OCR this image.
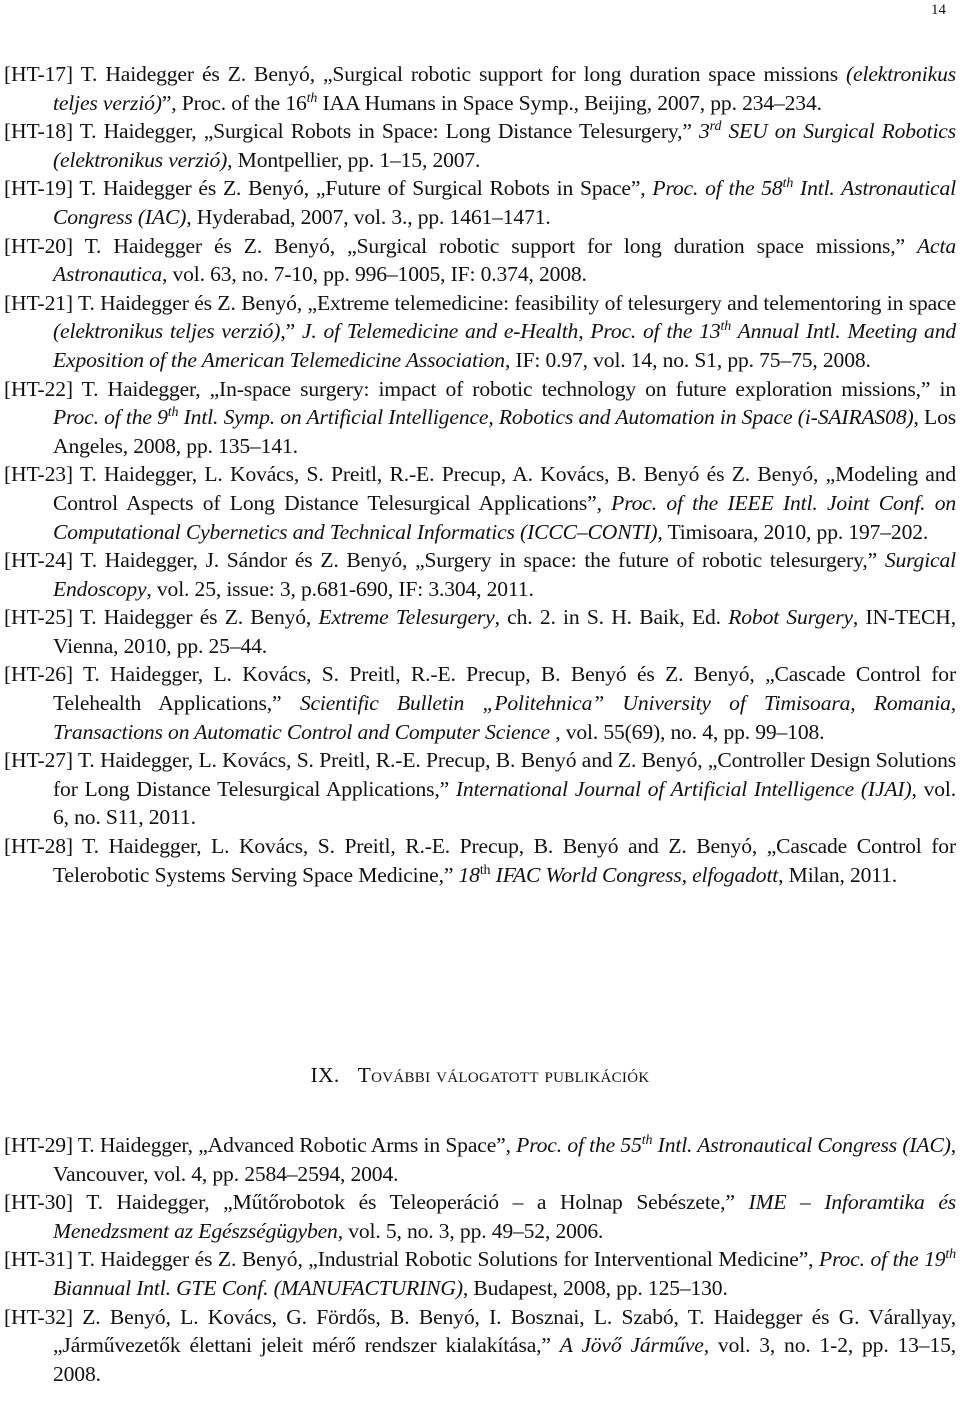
14
[HT-17] T. Haidegger és Z. Benyó, „Surgical robotic support for long duration space missions (elektronikus teljes verzió)”, Proc. of the 16th IAA Humans in Space Symp., Beijing, 2007, pp. 234–234.
[HT-18] T. Haidegger, „Surgical Robots in Space: Long Distance Telesurgery,” 3rd SEU on Surgical Robotics (elektronikus verzió), Montpellier, pp. 1–15, 2007.
[HT-19] T. Haidegger és Z. Benyó, „Future of Surgical Robots in Space”, Proc. of the 58th Intl. Astronautical Congress (IAC), Hyderabad, 2007, vol. 3., pp. 1461–1471.
[HT-20] T. Haidegger és Z. Benyó, „Surgical robotic support for long duration space missions,” Acta Astronautica, vol. 63, no. 7-10, pp. 996–1005, IF: 0.374, 2008.
[HT-21] T. Haidegger és Z. Benyó, „Extreme telemedicine: feasibility of telesurgery and telementoring in space (elektronikus teljes verzió),” J. of Telemedicine and e-Health, Proc. of the 13th Annual Intl. Meeting and Exposition of the American Telemedicine Association, IF: 0.97, vol. 14, no. S1, pp. 75–75, 2008.
[HT-22] T. Haidegger, „In-space surgery: impact of robotic technology on future exploration missions,” in Proc. of the 9th Intl. Symp. on Artificial Intelligence, Robotics and Automation in Space (i-SAIRAS08), Los Angeles, 2008, pp. 135–141.
[HT-23] T. Haidegger, L. Kovács, S. Preitl, R.-E. Precup, A. Kovács, B. Benyó és Z. Benyó, „Modeling and Control Aspects of Long Distance Telesurgical Applications”, Proc. of the IEEE Intl. Joint Conf. on Computational Cybernetics and Technical Informatics (ICCC–CONTI), Timisoara, 2010, pp. 197–202.
[HT-24] T. Haidegger, J. Sándor és Z. Benyó, „Surgery in space: the future of robotic telesurgery,” Surgical Endoscopy, vol. 25, issue: 3, p.681-690, IF: 3.304, 2011.
[HT-25] T. Haidegger és Z. Benyó, Extreme Telesurgery, ch. 2. in S. H. Baik, Ed. Robot Surgery, IN-TECH, Vienna, 2010, pp. 25–44.
[HT-26] T. Haidegger, L. Kovács, S. Preitl, R.-E. Precup, B. Benyó és Z. Benyó, „Cascade Control for Telehealth Applications,” Scientific Bulletin „Politehnica” University of Timisoara, Romania, Transactions on Automatic Control and Computer Science , vol. 55(69), no. 4, pp. 99–108.
[HT-27] T. Haidegger, L. Kovács, S. Preitl, R.-E. Precup, B. Benyó and Z. Benyó, „Controller Design Solutions for Long Distance Telesurgical Applications,” International Journal of Artificial Intelligence (IJAI), vol. 6, no. S11, 2011.
[HT-28] T. Haidegger, L. Kovács, S. Preitl, R.-E. Precup, B. Benyó and Z. Benyó, „Cascade Control for Telerobotic Systems Serving Space Medicine,” 18th IFAC World Congress, elfogadott, Milan, 2011.
IX. További válogatott publikációk
[HT-29] T. Haidegger, „Advanced Robotic Arms in Space”, Proc. of the 55th Intl. Astronautical Congress (IAC), Vancouver, vol. 4, pp. 2584–2594, 2004.
[HT-30] T. Haidegger, „Műtőrobotok és Teleoperáció – a Holnap Sebészete,” IME – Inforamtika és Menedzsment az Egészségügyben, vol. 5, no. 3, pp. 49–52, 2006.
[HT-31] T. Haidegger és Z. Benyó, „Industrial Robotic Solutions for Interventional Medicine”, Proc. of the 19th Biannual Intl. GTE Conf. (MANUFACTURING), Budapest, 2008, pp. 125–130.
[HT-32] Z. Benyó, L. Kovács, G. Fördős, B. Benyó, I. Bosznai, L. Szabó, T. Haidegger és G. Várallyay, „Járművezetők élettani jeleit mérő rendszer kialakítása,” A Jövő Járműve, vol. 3, no. 1-2, pp. 13–15, 2008.
